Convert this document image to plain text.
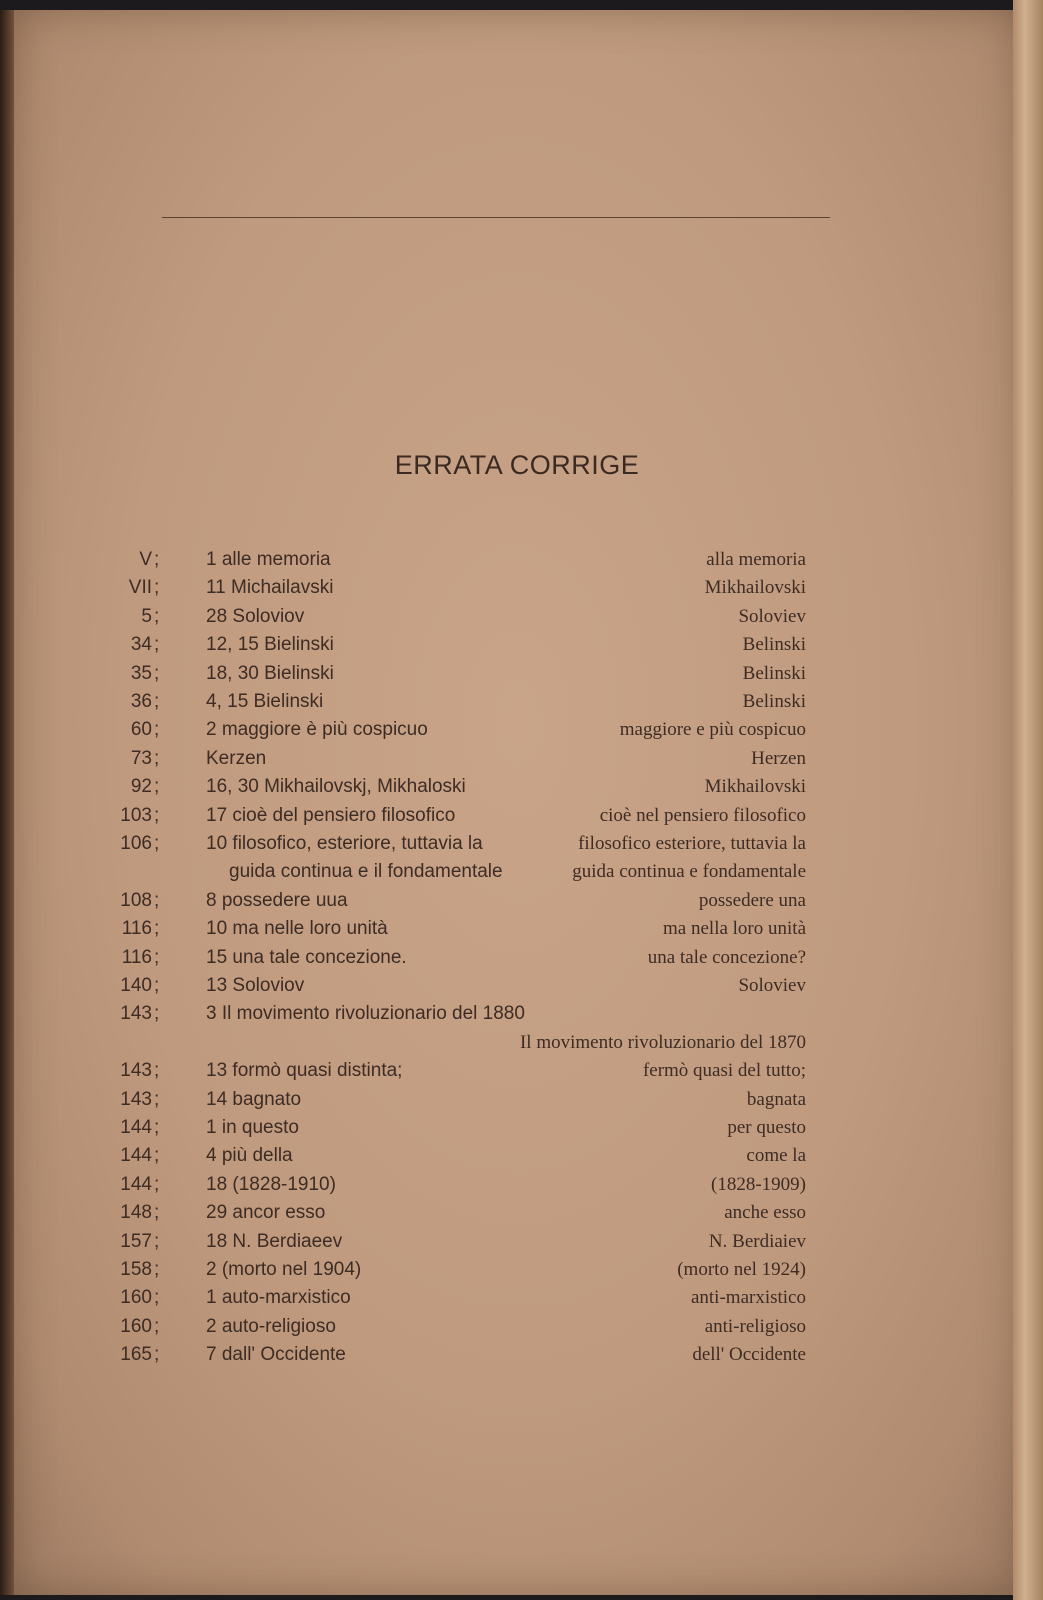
ERRATA CORRIGE
V ; 1 alle memoria	alla memoria
VII ; 11 Michailavski	Mikhailovski
5 ; 28 Soloviov	Soloviev
34 ; 12, 15 Bielinski	Belinski
35 ; 18, 30 Bielinski	Belinski
36 ; 4, 15 Bielinski	Belinski
60 ; 2 maggiore è più cospicuo	maggiore e più cospicuo
73 ; Kerzen	Herzen
92 ; 16, 30 Mikhailovskj, Mikhaloski	Mikhailovski
103 ; 17 cioè del pensiero filosofico	cioè nel pensiero filosofico
106 ; 10 filosofico, esteriore, tuttavia la	filosofico esteriore, tuttavia la
guida continua e il fondamentale	guida continua e fondamentale
108 ; 8 possedere uua	possedere una
116 ; 10 ma nelle loro unità	ma nella loro unità
116 ; 15 una tale concezione.	una tale concezione?
140 ; 13 Soloviov	Soloviev
143 ; 3 Il movimento rivoluzionario del 1880
Il movimento rivoluzionario del 1870
143 ; 13 formò quasi distinta;	fermò quasi del tutto;
143 ; 14 bagnato	bagnata
144 ; 1 in questo	per questo
144 ; 4 più della	come la
144 ; 18 (1828-1910)	(1828-1909)
148 ; 29 ancor esso	anche esso
157 ; 18 N. Berdiaeev	N. Berdiaiev
158 ; 2 (morto nel 1904)	(morto nel 1924)
160 ; 1 auto-marxistico	anti-marxistico
160 ; 2 auto-religioso	anti-religioso
165 ; 7 dall' Occidente	dell' Occidente
